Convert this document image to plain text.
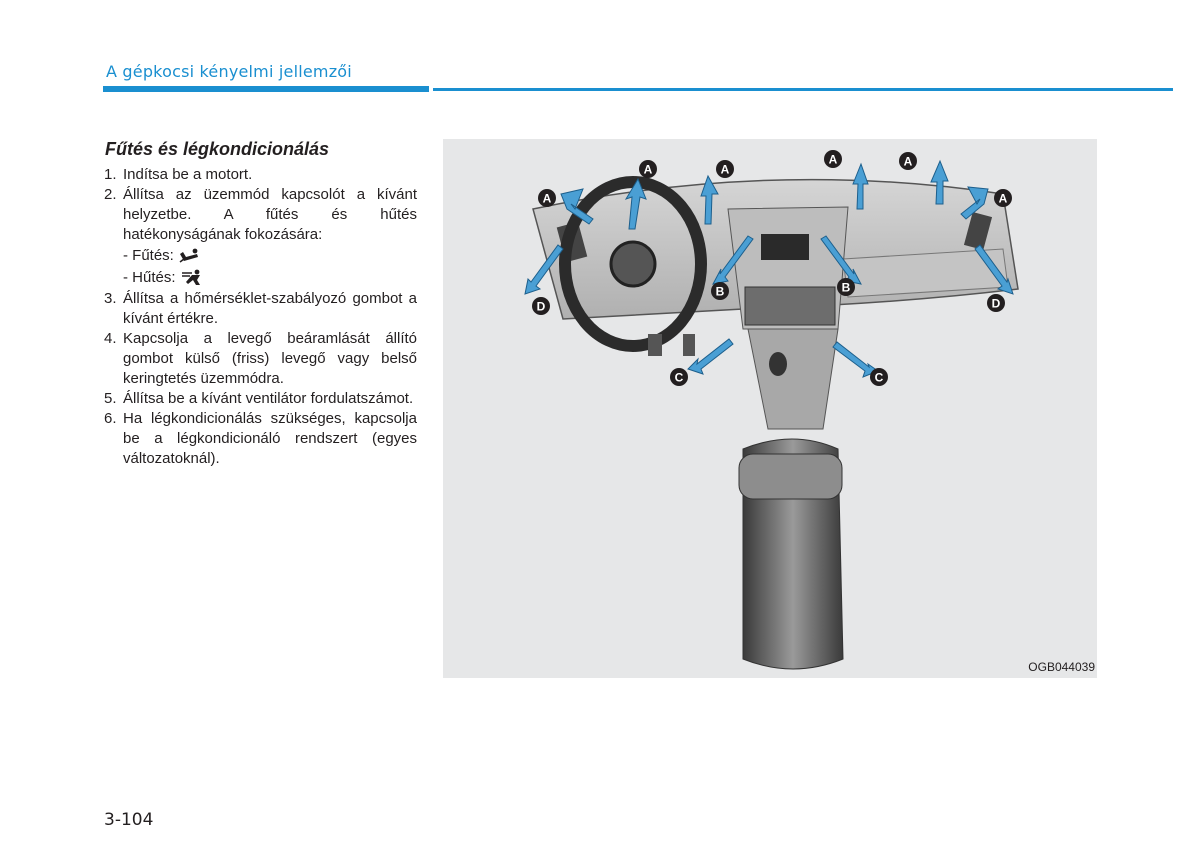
A gépkocsi kényelmi jellemzői
Fűtés és légkondicionálás
1. Indítsa be a motort.
2. Állítsa az üzemmód kapcsolót a kívánt helyzetbe. A fűtés és hűtés hatékonyságának fokozására:
- Fűtés:
- Hűtés:
3. Állítsa a hőmérséklet-szabályozó gombot a kívánt értékre.
4. Kapcsolja a levegő beáramlását állító gombot külső (friss) levegő vagy belső keringtetés üzemmódra.
5. Állítsa be a kívánt ventilátor fordulatszámot.
6. Ha légkondicionálás szükséges, kapcsolja be a légkondicionáló rendszert (egyes változatoknál).
A	A
A	A
A	A
B	B
C	C
D	D
OGB044039
3-104
